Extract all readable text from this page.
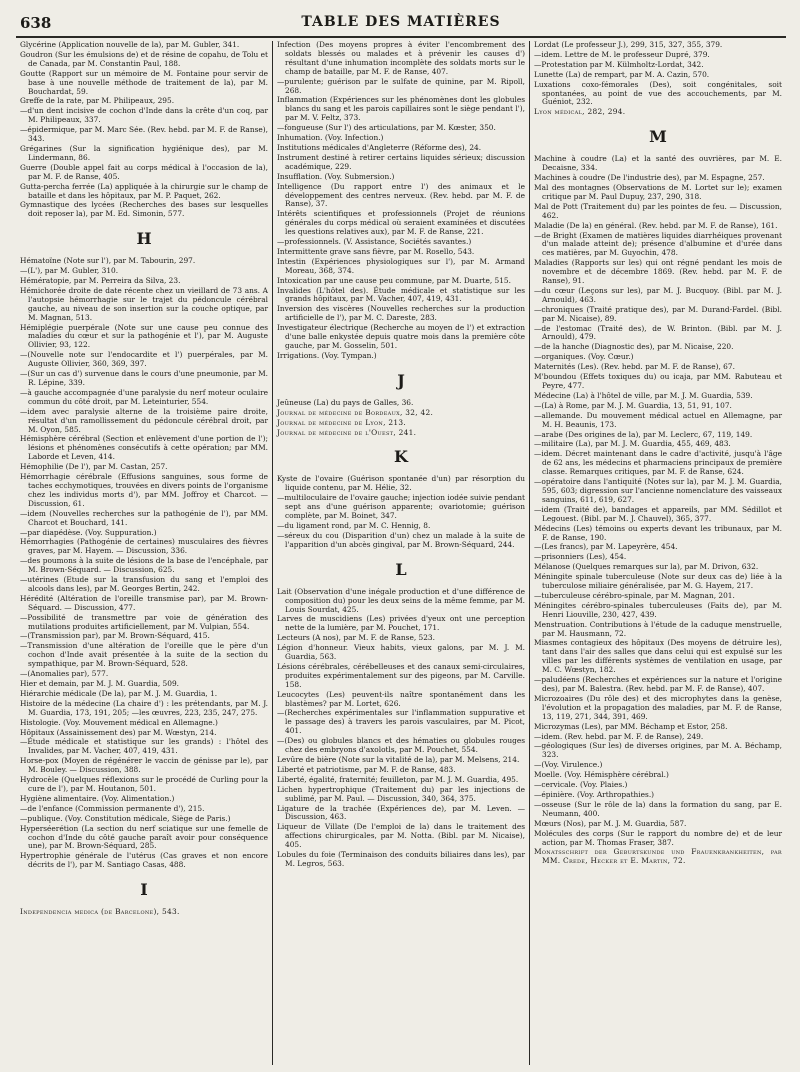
638	TABLE DES MATIÈRES
Glycérine (Application nouvelle de la), par M. Gubler, 341.
Goudron (Sur les émulsions de) et de résine de copahu, de Tolu et de Canada, par M. Constantin Paul, 188.
Goutte (Rapport sur un mémoire de M. Fontaine pour servir de base à une nouvelle méthode de traitement de la), par M. Bouchardat, 59.
Greffe de la rate, par M. Philipeaux, 295.
—d'un dent incisive de cochon d'Inde dans la crête d'un coq, par M. Philipeaux, 337.
—épidermique, par M. Marc Sée. (Rev. hebd. par M. F. de Ranse), 343.
Grégarines (Sur la signification hygiénique des), par M. Lindermann, 86.
Guerre (Double appel fait au corps médical à l'occasion de la), par M. F. de Ranse, 405.
Gutta-percha ferrée (La) appliquée à la chirurgie sur le champ de bataille et dans les hôpitaux, par M. P. Paquet, 262.
Gymnastique des lycées (Recherches des bases sur lesquelles doit reposer la), par M. Ed. Simonin, 577.
H
Hématoïne (Note sur l'), par M. Tabourin, 297.
—(L'), par M. Gubler, 310.
Hémératopie, par M. Perreira da Silva, 23.
Hémichorée droite de date récente chez un vieillard de 73 ans. A l'autopsie hémorrhagie sur le trajet du pédoncule cérébral gauche, au niveau de son insertion sur la couche optique, par M. Magnan, 513.
Hémiplégie puerpérale (Note sur une cause peu connue des maladies du cœur et sur la pathogénie et l'), par M. Auguste Ollivier, 93, 122.
—(Nouvelle note sur l'endocardite et l') puerpérales, par M. Auguste Ollivier, 360, 369, 397.
—(Sur un cas d') survenue dans le cours d'une pneumonie, par M. R. Lépine, 339.
—à gauche accompagnée d'une paralysie du nerf moteur oculaire commun du côté droit, par M. Leteinturier, 554.
—idem avec paralysie alterne de la troisième paire droite, résultat d'un ramollissement du pédoncule cérébral droit, par M. Oyon, 585.
Hémisphère cérébral (Section et enlèvement d'une portion de l'); lésions et phénomènes consécutifs à cette opération; par MM. Laborde et Leven, 414.
Hémophilie (De l'), par M. Castan, 257.
Hémorrhagie cérébrale (Effusions sanguines, sous forme de taches ecchymotiques, trouvées en divers points de l'organisme chez les individus morts d'), par MM. Joffroy et Charcot. — Discussion, 61.
—idem (Nouvelles recherches sur la pathogénie de l'), par MM. Charcot et Bouchard, 141.
—par diapédèse. (Voy. Suppuration.)
Hémorrhagies (Pathogénie de certaines) musculaires des fièvres graves, par M. Hayem. — Discussion, 336.
—des poumons à la suite de lésions de la base de l'encéphale, par M. Brown-Séquard. — Discussion, 625.
—utérines (Etude sur la transfusion du sang et l'emploi des alcools dans les), par M. Georges Bertin, 242.
Hérédité (Altération de l'oreille transmise par), par M. Brown-Séquard. — Discussion, 477.
—Possibilité de transmettre par voie de génération des mutilations produites artificiellement, par M. Vulpian, 554.
—(Transmission par), par M. Brown-Séquard, 415.
—Transmission d'une altération de l'oreille que le père d'un cochon d'Inde avait présentée à la suite de la section du sympathique, par M. Brown-Séquard, 528.
—(Anomalies par), 577.
Hier et demain, par M. J. M. Guardia, 509.
Hiérarchie médicale (De la), par M. J. M. Guardia, 1.
Histoire de la médecine (La chaire d') : les prétendants, par M. J. M. Guardia, 173, 191, 205; —les œuvres, 223, 235, 247, 275.
Histologie. (Voy. Mouvement médical en Allemagne.)
Hôpitaux (Assainissement des) par M. Wœstyn, 214.
—Étude médicale et statistique sur les grands) : l'hôtel des Invalides, par M. Vacher, 407, 419, 431.
Horse-pox (Moyen de régénérer le vaccin de génisse par le), par M. Bouley. — Discussion, 388.
Hydrocèle (Quelques réflexions sur le procédé de Curling pour la cure de l'), par M. Houtanon, 501.
Hygiène alimentaire. (Voy. Alimentation.)
—de l'enfance (Commission permanente d'), 215.
—publique. (Voy. Constitution médicale, Siège de Paris.)
Hyperséerétion (La section du nerf sciatique sur une femelle de cochon d'Inde du côté gauche paraît avoir pour conséquence une), par M. Brown-Séquard, 285.
Hypertrophie générale de l'utérus (Cas graves et non encore décrits de l'), par M. Santiago Casas, 488.
I
Independencia medica (de Barcelone), 543.
Infection (Des moyens propres à éviter l'encombrement des soldats blessés ou malades et à prévenir les causes d') résultant d'une inhumation incomplète des soldats morts sur le champ de bataille, par M. F. de Ranse, 407.
—purulente; guérison par le sulfate de quinine, par M. Ripoll, 268.
Inflammation (Expériences sur les phénomènes dont les globules blancs du sang et les parois capillaires sont le siège pendant l'), par M. V. Feltz, 373.
—fongueuse (Sur l') des articulations, par M. Kœster, 350.
Inhumation. (Voy. Infection.)
Institutions médicales d'Angleterre (Réforme des), 24.
Instrument destiné à retirer certains liquides sérieux; discussion académique, 229.
Insufflation. (Voy. Submersion.)
Intelligence (Du rapport entre l') des animaux et le développement des centres nerveux. (Rev. hebd. par M. F. de Ranse), 37.
Intérêts scientifiques et professionnels (Projet de réunions générales du corps médical où seraient examinées et discutées les questions relatives aux), par M. F. de Ranse, 221.
—professionnels. (V. Assistance, Sociétés savantes.)
Intermittente grave sans fièvre, par M. Rosello, 543.
Intestin (Expériences physiologiques sur l'), par M. Armand Moreau, 368, 374.
Intoxication par une cause peu commune, par M. Duarte, 515.
Invalides (L'hôtel des). Étude médicale et statistique sur les grands hôpitaux, par M. Vacher, 407, 419, 431.
Inversion des viscères (Nouvelles recherches sur la production artificielle de l'), par M. C. Dareste, 283.
Investigateur électrique (Recherche au moyen de l') et extraction d'une balle enkystée depuis quatre mois dans la première côte gauche, par M. Gosselin, 501.
Irrigations. (Voy. Tympan.)
J
Jeûneuse (La) du pays de Galles, 36.
Journal de médecine de Bordeaux, 32, 42.
Journal de médecine de Lyon, 213.
Journal de médecine de l'Ouest, 241.
K
Kyste de l'ovaire (Guérison spontanée d'un) par résorption du liquide contenu, par M. Hélie, 32.
—multiloculaire de l'ovaire gauche; injection iodée suivie pendant sept ans d'une guérison apparente; ovariotomie; guérison complète, par M. Boinet, 347.
—du ligament rond, par M. C. Hennig, 8.
—séreux du cou (Disparition d'un) chez un malade à la suite de l'apparition d'un abcès gingival, par M. Brown-Séquard, 244.
L
Lait (Observation d'une inégale production et d'une différence de composition du) pour les deux seins de la même femme, par M. Louis Sourdat, 425.
Larves de muscidiens (Les) privées d'yeux ont une perception nette de la lumière, par M. Pouchet, 171.
Lecteurs (A nos), par M. F. de Ranse, 523.
Légion d'honneur. Vieux habits, vieux galons, par M. J. M. Guardia, 563.
Lésions cérébrales, cérébelleuses et des canaux semi-circulaires, produites expérimentalement sur des pigeons, par M. Carville. 158.
Leucocytes (Les) peuvent-ils naître spontanément dans les blastèmes? par M. Lortet, 626.
—(Recherches expérimentales sur l'inflammation suppurative et le passage des) à travers les parois vasculaires, par M. Picot, 401.
—(Des) ou globules blancs et des hématies ou globules rouges chez des embryons d'axolotls, par M. Pouchet, 554.
Levûre de bière (Note sur la vitalité de la), par M. Melsens, 214.
Liberté et patriotisme, par M. F. de Ranse, 483.
Liberté, égalité, fraternité; feuilleton, par M. J. M. Guardia, 495.
Lichen hypertrophique (Traitement du) par les injections de sublimé, par M. Paul. — Discussion, 340, 364, 375.
Ligature de la trachée (Expériences de), par M. Leven. — Discussion, 463.
Liqueur de Villate (De l'emploi de la) dans le traitement des affections chirurgicales, par M. Notta. (Bibl. par M. Nicaise), 405.
Lobules du foie (Terminaison des conduits biliaires dans les), par M. Legros, 563.
Lordat (Le professeur J.), 299, 315, 327, 355, 379.
—idem. Lettre de M. le professeur Dupré, 379.
—Protestation par M. Külmholtz-Lordat, 342.
Lunette (La) de rempart, par M. A. Cazin, 570.
Luxations coxo-fémorales (Des), soit congénitales, soit spontanées, au point de vue des accouchements, par M. Guéniot, 232.
Lyon médical, 282, 294.
M
Machine à coudre (La) et la santé des ouvrières, par M. E. Decaisne, 334.
Machines à coudre (De l'industrie des), par M. Espagne, 257.
Mal des montagnes (Observations de M. Lortet sur le); examen critique par M. Paul Dupuy, 237, 290, 318.
Mal de Pott (Traitement du) par les pointes de feu. — Discussion, 462.
Maladie (De la) en général. (Rev. hebd. par M. F. de Ranse), 161.
—de Bright (Examen de matières liquides diarrhéiques provenant d'un malade atteint de); présence d'albumine et d'urée dans ces matières, par M. Guyochin, 478.
Maladies (Rapports sur les) qui ont régné pendant les mois de novembre et de décembre 1869. (Rev. hebd. par M. F. de Ranse), 91.
—du cœur (Leçons sur les), par M. J. Bucquoy. (Bibl. par M. J. Arnould), 463.
—chroniques (Traité pratique des), par M. Durand-Fardel. (Bibl. par M. Nicaise), 89.
—de l'estomac (Traité des), de W. Brinton. (Bibl. par M. J. Arnould), 479.
—de la hanche (Diagnostic des), par M. Nicaise, 220.
—organiques. (Voy. Cœur.)
Maternités (Les). (Rev. hebd. par M. F. de Ranse), 67.
M'boundou (Effets toxiques du) ou icaja, par MM. Rabuteau et Peyre, 477.
Médecine (La) à l'hôtel de ville, par M. J. M. Guardia, 539.
—(La) à Rome, par M. J. M. Guardia, 13, 51, 91, 107.
—allemande. Du mouvement médical actuel en Allemagne, par M. H. Beaunis, 173.
—arabe (Des origines de la), par M. Leclerc, 67, 119, 149.
—militaire (La), par M. J. M. Guardia, 455, 469, 483.
—idem. Décret maintenant dans le cadre d'activité, jusqu'à l'âge de 62 ans, les médecins et pharmaciens principaux de première classe. Remarques critiques, par M. F. de Ranse, 624.
—opératoire dans l'antiquité (Notes sur la), par M. J. M. Guardia, 595, 603; digression sur l'ancienne nomenclature des vaisseaux sanguins, 611, 619, 627.
—idem (Traité de), bandages et appareils, par MM. Sédillot et Legouest. (Bibl. par M. J. Chauvel), 365, 377.
Médecins (Les) témoins ou experts devant les tribunaux, par M. F. de Ranse, 190.
—(Les francs), par M. Lapeyrère, 454.
—prisonniers (Les), 454.
Mélanose (Quelques remarques sur la), par M. Drivon, 632.
Méningite spinale tuberculeuse (Note sur deux cas de) liée à la tuberculose miliaire généralisée, par M. G. Hayem, 217.
—tuberculeuse cérébro-spinale, par M. Magnan, 201.
Méningites cérébro-spinales tuberculeuses (Faits de), par M. Henri Liouville, 230, 427, 439.
Menstruation. Contributions à l'étude de la caduque menstruelle, par M. Hausmann, 72.
Miasmes contagieux des hôpitaux (Des moyens de détruire les), tant dans l'air des salles que dans celui qui est expulsé sur les villes par les différents systèmes de ventilation en usage, par M. C. Wœstyn, 182.
—paludéens (Recherches et expériences sur la nature et l'origine des), par M. Balestra. (Rev. hebd. par M. F. de Ranse), 407.
Microzoaires (Du rôle des) et des microphytes dans la genèse, l'évolution et la propagation des maladies, par M. F. de Ranse, 13, 119, 271, 344, 391, 469.
Microzymas (Les), par MM. Béchamp et Estor, 258.
—idem. (Rev. hebd. par M. F. de Ranse), 249.
—géologiques (Sur les) de diverses origines, par M. A. Béchamp, 323.
—(Voy. Virulence.)
Moelle. (Voy. Hémisphère cérébral.)
—cervicale. (Voy. Plaies.)
—épinière. (Voy. Arthropathies.)
—osseuse (Sur le rôle de la) dans la formation du sang, par E. Neumann, 400.
Mœurs (Nos), par M. J. M. Guardia, 587.
Molécules des corps (Sur le rapport du nombre de) et de leur action, par M. Thomas Fraser, 387.
Monatsschrift der Geburtskunde und Frauenkrankheiten, par MM. Crede, Hecker et E. Martin, 72.
